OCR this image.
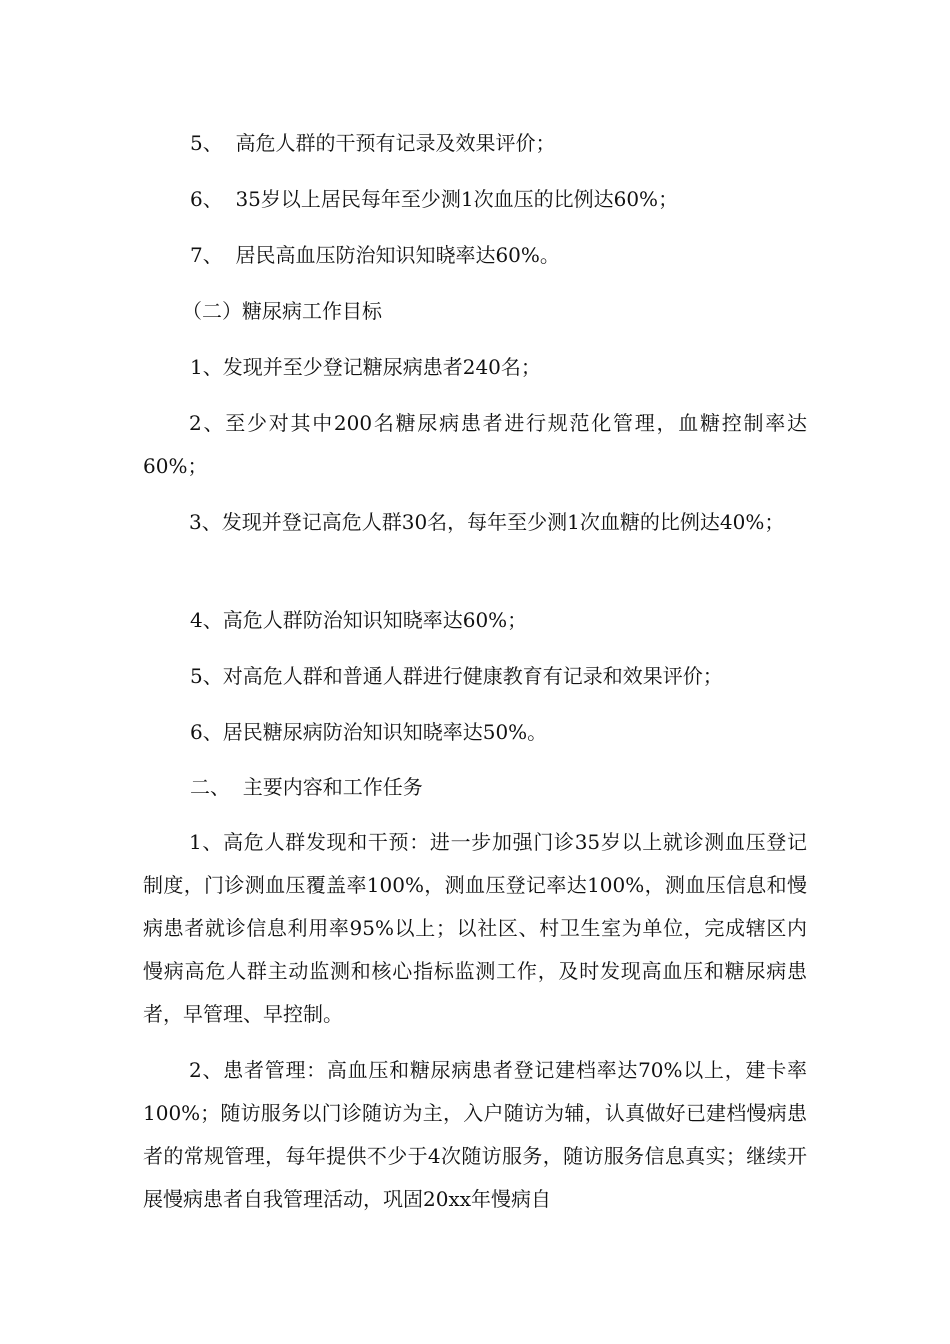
5、  高危人群的干预有记录及效果评价；

6、  35岁以上居民每年至少测1次血压的比例达60%；

7、  居民高血压防治知识知晓率达60%。

（二）糖尿病工作目标

1、发现并至少登记糖尿病患者240名；

2、至少对其中200名糖尿病患者进行规范化管理，血糖控制率达60%；

3、发现并登记高危人群30名，每年至少测1次血糖的比例达40%；

4、高危人群防治知识知晓率达60%；

5、对高危人群和普通人群进行健康教育有记录和效果评价；

6、居民糖尿病防治知识知晓率达50%。

二、  主要内容和工作任务

1、高危人群发现和干预：进一步加强门诊35岁以上就诊测血压登记制度，门诊测血压覆盖率100%，测血压登记率达100%，测血压信息和慢病患者就诊信息利用率95%以上；以社区、村卫生室为单位，完成辖区内慢病高危人群主动监测和核心指标监测工作，及时发现高血压和糖尿病患者，早管理、早控制。

2、患者管理：高血压和糖尿病患者登记建档率达70%以上，建卡率100%；随访服务以门诊随访为主，入户随访为辅，认真做好已建档慢病患者的常规管理，每年提供不少于4次随访服务，随访服务信息真实；继续开展慢病患者自我管理活动，巩固20xx年慢病自
